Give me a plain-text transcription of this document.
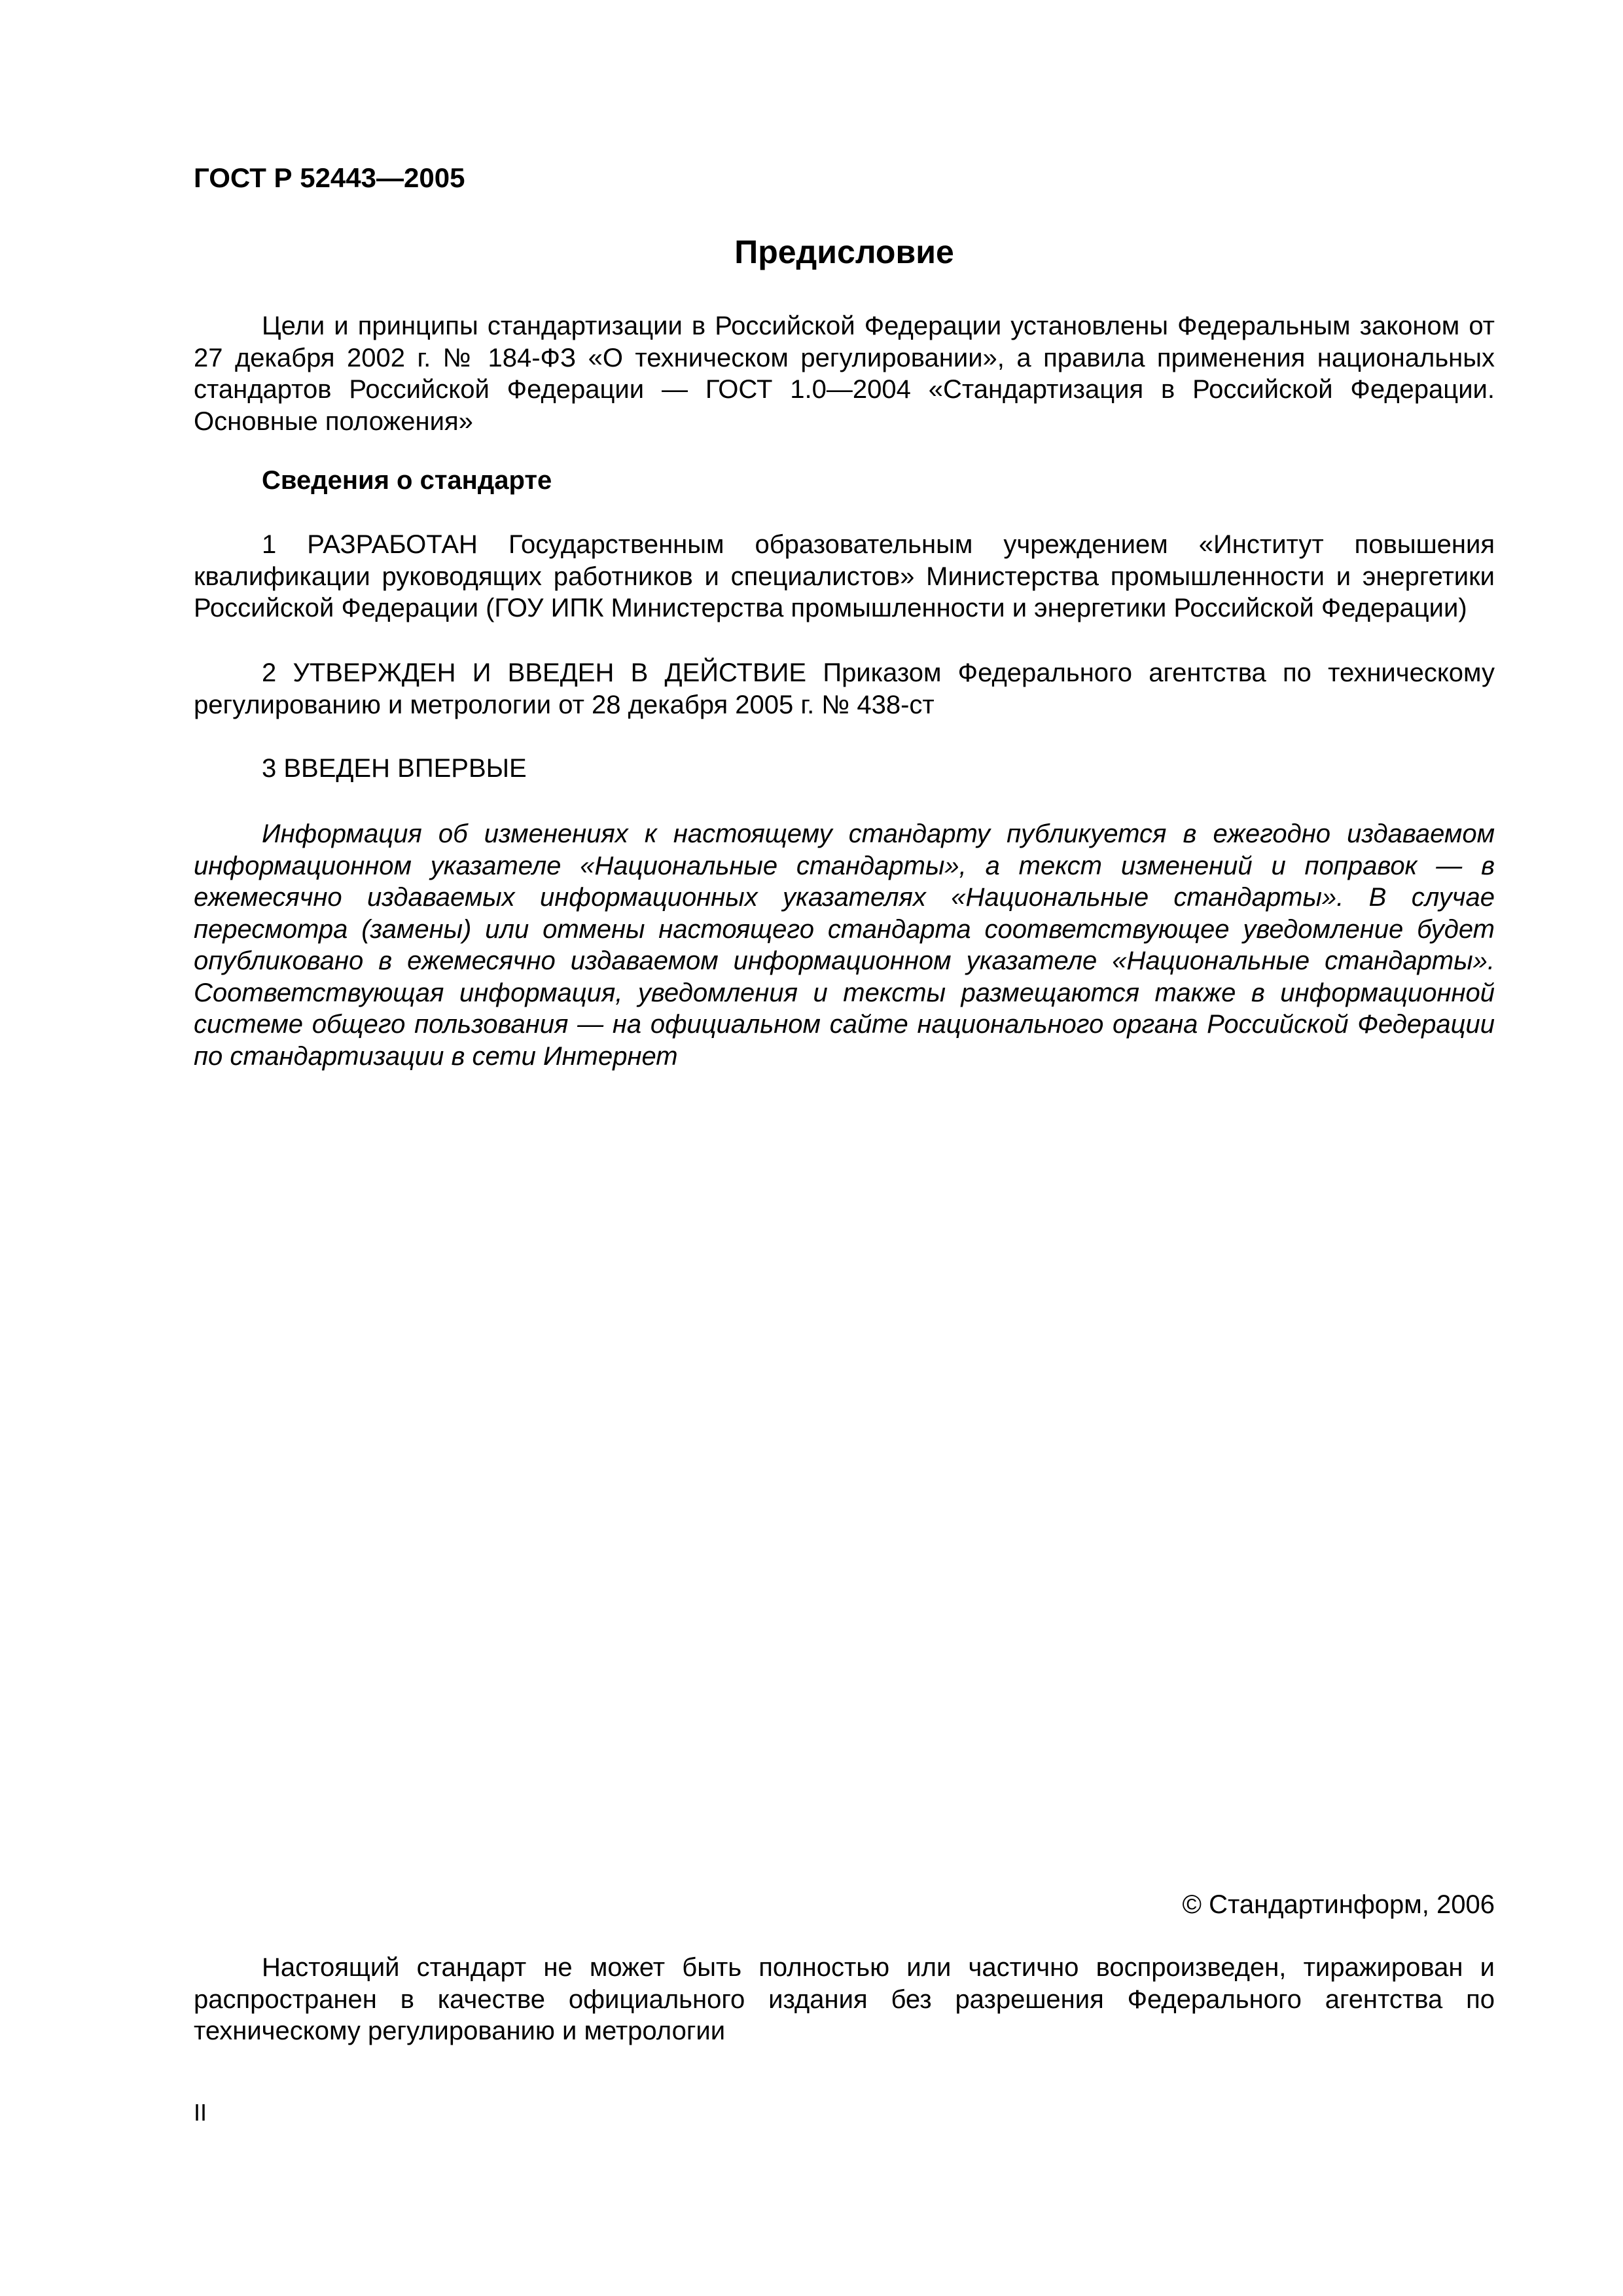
ГОСТ Р 52443—2005
Предисловие

Цели и принципы стандартизации в Российской Федерации установлены Федеральным законом от 27 декабря 2002 г. № 184-ФЗ «О техническом регулировании», а правила применения национальных стандартов Российской Федерации — ГОСТ 1.0—2004 «Стандартизация в Российской Федерации. Основные положения»

Сведения о стандарте

1 РАЗРАБОТАН Государственным образовательным учреждением «Институт повышения квалификации руководящих работников и специалистов» Министерства промышленности и энергетики Российской Федерации (ГОУ ИПК Министерства промышленности и энергетики Российской Федерации)

2 УТВЕРЖДЕН И ВВЕДЕН В ДЕЙСТВИЕ Приказом Федерального агентства по техническому регулированию и метрологии от 28 декабря 2005 г. № 438-ст

3 ВВЕДЕН ВПЕРВЫЕ

Информация об изменениях к настоящему стандарту публикуется в ежегодно издаваемом информационном указателе «Национальные стандарты», а текст изменений и поправок — в ежемесячно издаваемых информационных указателях «Национальные стандарты». В случае пересмотра (замены) или отмены настоящего стандарта соответствующее уведомление будет опубликовано в ежемесячно издаваемом информационном указателе «Национальные стандарты». Соответствующая информация, уведомления и тексты размещаются также в информационной системе общего пользования — на официальном сайте национального органа Российской Федерации по стандартизации в сети Интернет

© Стандартинформ, 2006

Настоящий стандарт не может быть полностью или частично воспроизведен, тиражирован и распространен в качестве официального издания без разрешения Федерального агентства по техническому регулированию и метрологии

II
